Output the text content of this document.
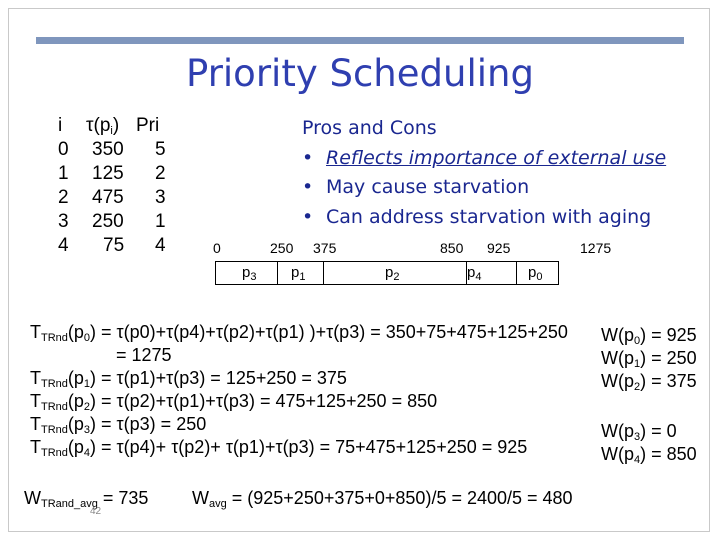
Priority Scheduling
i $\tau(p_i)$ Pri
0 350 5
1 125 2
2 475 3
3 250 1
4 75 4
Pros and Cons
• Reflects importance of external use
• May cause starvation
• Can address starvation with aging
0	250 375	850 925	1275
$p_3$ $p_1$	$p_2$	$p_4$	$p_0$
$T_{TRnd}(p_0) = \tau(p0)+\tau(p4)+\tau(p2)+\tau(p1) )+\tau(p3) = 350+75+475+125+250$
= 1275
$T_{TRnd}(p_1) = \tau(p1)+\tau(p3) = 125+250 = 375$
$T_{TRnd}(p_2) = \tau(p2)+\tau(p1)+\tau(p3) = 475+125+250 = 850$
$T_{TRnd}(p_3) = \tau(p3) = 250$
$T_{TRnd}(p_4) = \tau(p4)+ \tau(p2)+ \tau(p1)+\tau(p3) = 75+475+125+250 = 925$
$W(p_0) = 925$
$W(p_1) = 250$
$W(p_2) = 375$
$W(p_3) = 0$
$W(p_4) = 850$
$W_{TRand\_avg} = 735$ $W_{avg} = (925+250+375+0+850)/5 = 2400/5 = 480$
42
